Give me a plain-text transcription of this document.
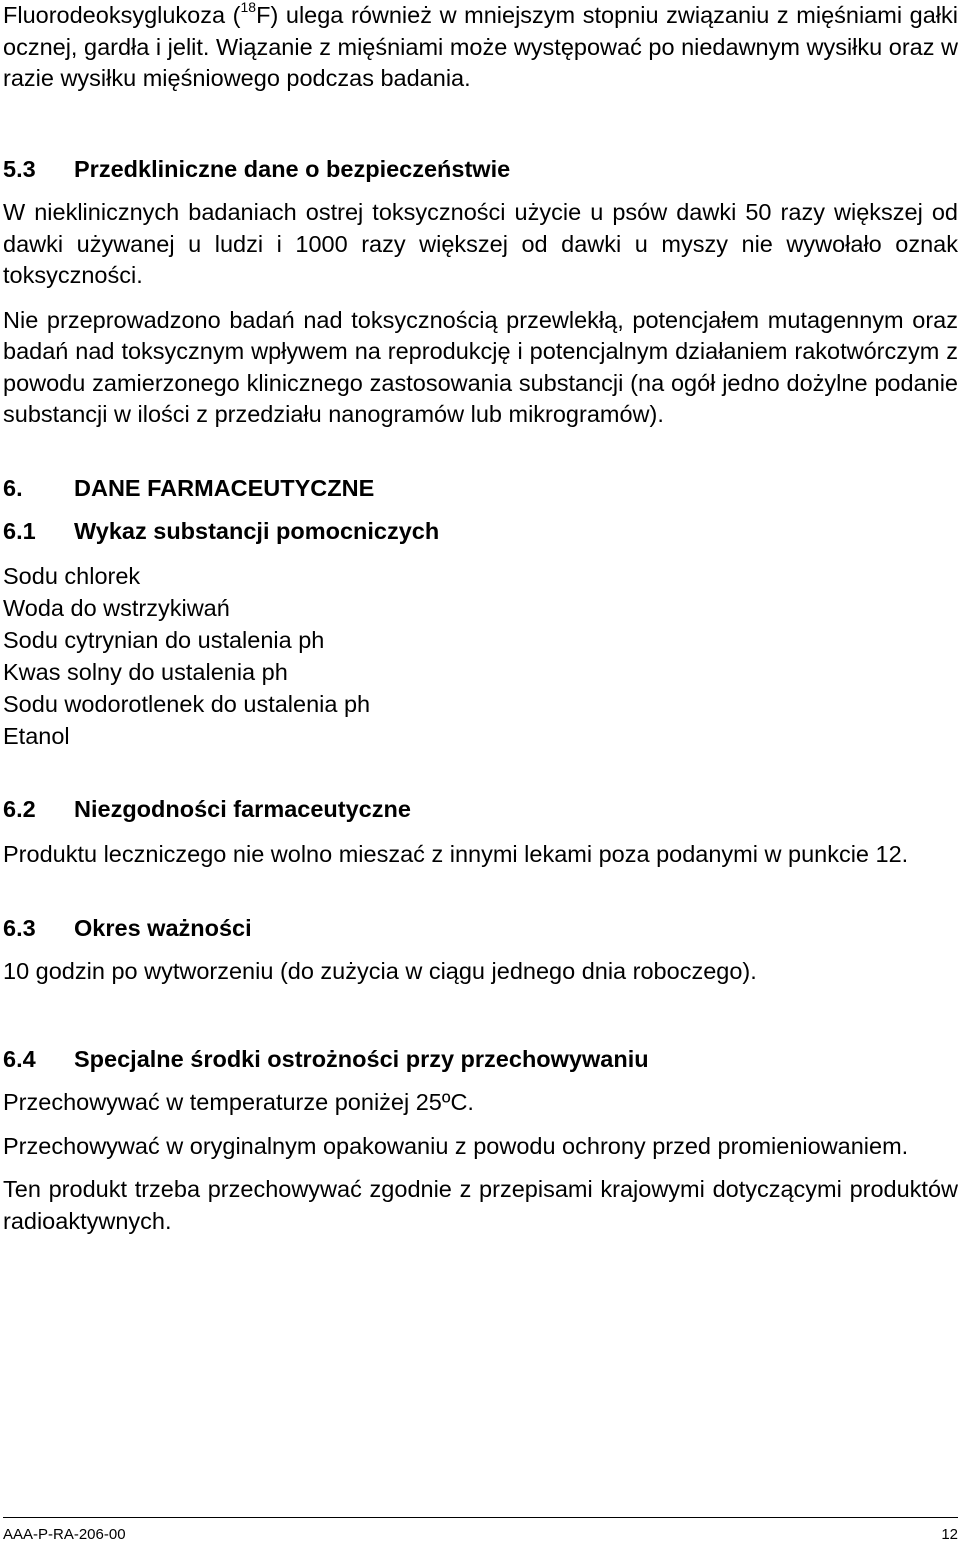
Fluorodeoksyglukoza ($^{18}$F) ulega również w mniejszym stopniu związaniu z mięśniami gałki ocznej, gardła i jelit. Wiązanie z mięśniami może występować po niedawnym wysiłku oraz w razie wysiłku mięśniowego podczas badania.

5.3	Przedkliniczne dane o bezpieczeństwie

W nieklinicznych badaniach ostrej toksyczności użycie u psów dawki 50 razy większej od dawki używanej u ludzi i 1000 razy większej od dawki u myszy nie wywołało oznak toksyczności.

Nie przeprowadzono badań nad toksycznością przewlekłą, potencjałem mutagennym oraz badań nad toksycznym wpływem na reprodukcję i potencjalnym działaniem rakotwórczym z powodu zamierzonego klinicznego zastosowania substancji (na ogół jedno dożylne podanie substancji w ilości z przedziału nanogramów lub mikrogramów).

6.	DANE FARMACEUTYCZNE
6.1	Wykaz substancji pomocniczych
Sodu chlorek
Woda do wstrzykiwań
Sodu cytrynian do ustalenia ph
Kwas solny do ustalenia ph
Sodu wodorotlenek do ustalenia ph
Etanol
6.2	Niezgodności farmaceutyczne

Produktu leczniczego nie wolno mieszać z innymi lekami poza podanymi w punkcie 12.

6.3	Okres ważności

10 godzin po wytworzeniu (do zużycia w ciągu jednego dnia roboczego).

6.4	Specjalne środki ostrożności przy przechowywaniu

Przechowywać w temperaturze poniżej 25ºC.

Przechowywać w oryginalnym opakowaniu z powodu ochrony przed promieniowaniem.

Ten produkt trzeba przechowywać zgodnie z przepisami krajowymi dotyczącymi produktów radioaktywnych.

AAA-P-RA-206-00	12
